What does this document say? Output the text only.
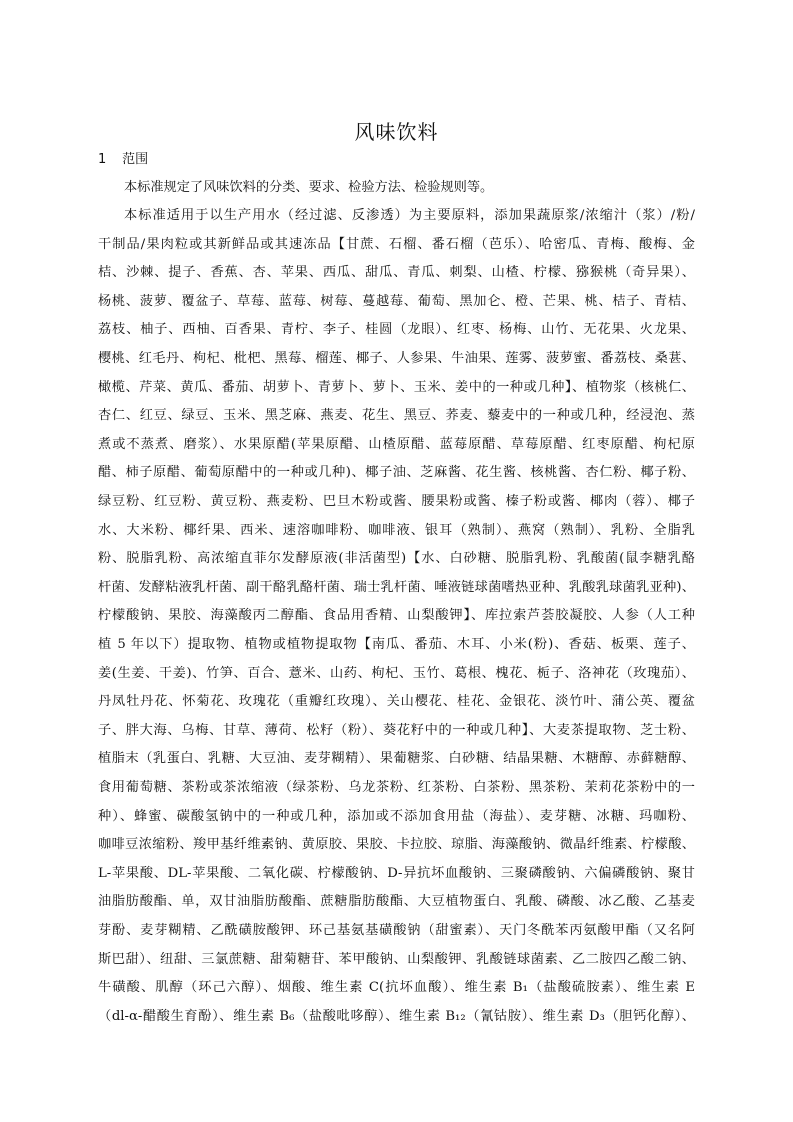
风味饮料
1 范围
本标准规定了风味饮料的分类、要求、检验方法、检验规则等。
本标准适用于以生产用水（经过滤、反渗透）为主要原料，添加果蔬原浆/浓缩汁（浆）/粉/
干制品/果肉粒或其新鲜品或其速冻品【甘蔗、石榴、番石榴（芭乐）、哈密瓜、青梅、酸梅、金
桔、沙棘、提子、香蕉、杏、苹果、西瓜、甜瓜、青瓜、刺梨、山楂、柠檬、猕猴桃（奇异果）、
杨桃、菠萝、覆盆子、草莓、蓝莓、树莓、蔓越莓、葡萄、黑加仑、橙、芒果、桃、桔子、青桔、
荔枝、柚子、西柚、百香果、青柠、李子、桂圆（龙眼）、红枣、杨梅、山竹、无花果、火龙果、
樱桃、红毛丹、枸杞、枇杷、黑莓、榴莲、椰子、人参果、牛油果、莲雾、菠萝蜜、番荔枝、桑葚、
橄榄、芹菜、黄瓜、番茄、胡萝卜、青萝卜、萝卜、玉米、姜中的一种或几种】、植物浆（核桃仁、
杏仁、红豆、绿豆、玉米、黑芝麻、燕麦、花生、黑豆、荞麦、藜麦中的一种或几种，经浸泡、蒸
煮或不蒸煮、磨浆）、水果原醋(苹果原醋、山楂原醋、蓝莓原醋、草莓原醋、红枣原醋、枸杞原
醋、柿子原醋、葡萄原醋中的一种或几种)、椰子油、芝麻酱、花生酱、核桃酱、杏仁粉、椰子粉、
绿豆粉、红豆粉、黄豆粉、燕麦粉、巴旦木粉或酱、腰果粉或酱、榛子粉或酱、椰肉（蓉）、椰子
水、大米粉、椰纤果、西米、速溶咖啡粉、咖啡液、银耳（熟制）、燕窝（熟制）、乳粉、全脂乳
粉、脱脂乳粉、高浓缩直菲尔发酵原液(非活菌型)【水、白砂糖、脱脂乳粉、乳酸菌(鼠李糖乳酪
杆菌、发酵粘液乳杆菌、副干酪乳酪杆菌、瑞士乳杆菌、唾液链球菌嗜热亚种、乳酸乳球菌乳亚种)、
柠檬酸钠、果胶、海藻酸丙二醇酯、食品用香精、山梨酸钾】、库拉索芦荟胶凝胶、人参（人工种
植 5 年以下）提取物、植物或植物提取物【南瓜、番茄、木耳、小米(粉)、香菇、板栗、莲子、
姜(生姜、干姜)、竹笋、百合、薏米、山药、枸杞、玉竹、葛根、槐花、栀子、洛神花（玫瑰茄）、
丹凤牡丹花、怀菊花、玫瑰花（重瓣红玫瑰）、关山樱花、桂花、金银花、淡竹叶、蒲公英、覆盆
子、胖大海、乌梅、甘草、薄荷、松籽（粉）、葵花籽中的一种或几种】、大麦茶提取物、芝士粉、
植脂末（乳蛋白、乳糖、大豆油、麦芽糊精）、果葡糖浆、白砂糖、结晶果糖、木糖醇、赤藓糖醇、
食用葡萄糖、茶粉或茶浓缩液（绿茶粉、乌龙茶粉、红茶粉、白茶粉、黑茶粉、茉莉花茶粉中的一
种）、蜂蜜、碳酸氢钠中的一种或几种，添加或不添加食用盐（海盐）、麦芽糖、冰糖、玛咖粉、
咖啡豆浓缩粉、羧甲基纤维素钠、黄原胶、果胶、卡拉胶、琼脂、海藻酸钠、微晶纤维素、柠檬酸、
L-苹果酸、DL-苹果酸、二氧化碳、柠檬酸钠、D-异抗坏血酸钠、三聚磷酸钠、六偏磷酸钠、聚甘
油脂肪酸酯、单，双甘油脂肪酸酯、蔗糖脂肪酸酯、大豆植物蛋白、乳酸、磷酸、冰乙酸、乙基麦
芽酚、麦芽糊精、乙酰磺胺酸钾、环己基氨基磺酸钠（甜蜜素）、天门冬酰苯丙氨酸甲酯（又名阿
斯巴甜）、纽甜、三氯蔗糖、甜菊糖苷、苯甲酸钠、山梨酸钾、乳酸链球菌素、乙二胺四乙酸二钠、
牛磺酸、肌醇（环己六醇）、烟酸、维生素 C(抗坏血酸）、维生素 B₁（盐酸硫胺素）、维生素 E
（dl-α-醋酸生育酚）、维生素 B₆（盐酸吡哆醇）、维生素 B₁₂（氰钴胺）、维生素 D₃（胆钙化醇）、
